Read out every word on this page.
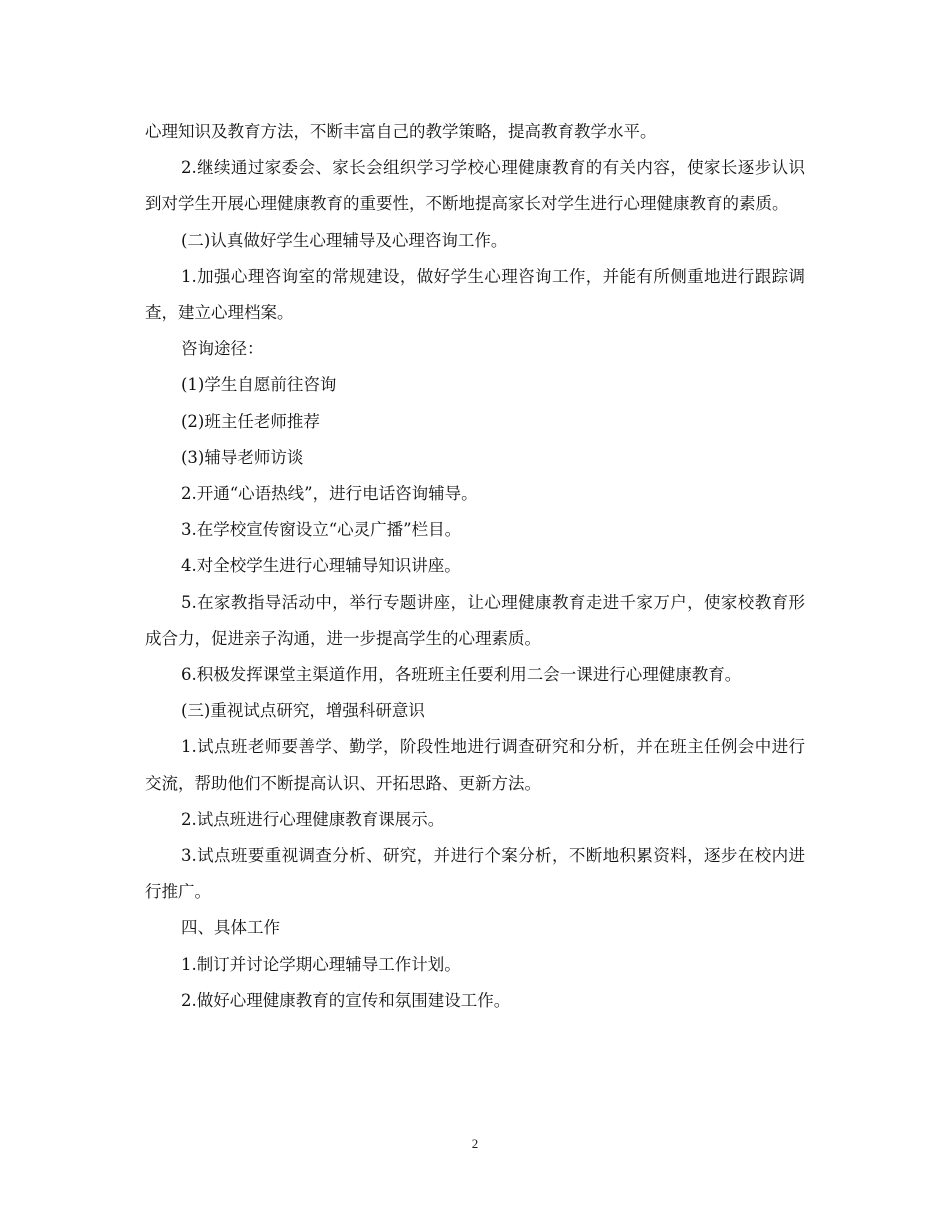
心理知识及教育方法，不断丰富自己的教学策略，提高教育教学水平。

2.继续通过家委会、家长会组织学习学校心理健康教育的有关内容，使家长逐步认识到对学生开展心理健康教育的重要性，不断地提高家长对学生进行心理健康教育的素质。

(二)认真做好学生心理辅导及心理咨询工作。

1.加强心理咨询室的常规建设，做好学生心理咨询工作，并能有所侧重地进行跟踪调查，建立心理档案。

咨询途径：

(1)学生自愿前往咨询

(2)班主任老师推荐

(3)辅导老师访谈

2.开通“心语热线”，进行电话咨询辅导。

3.在学校宣传窗设立“心灵广播”栏目。

4.对全校学生进行心理辅导知识讲座。

5.在家教指导活动中，举行专题讲座，让心理健康教育走进千家万户，使家校教育形成合力，促进亲子沟通，进一步提高学生的心理素质。

6.积极发挥课堂主渠道作用，各班班主任要利用二会一课进行心理健康教育。

(三)重视试点研究，增强科研意识

1.试点班老师要善学、勤学，阶段性地进行调查研究和分析，并在班主任例会中进行交流，帮助他们不断提高认识、开拓思路、更新方法。

2.试点班进行心理健康教育课展示。

3.试点班要重视调查分析、研究，并进行个案分析，不断地积累资料，逐步在校内进行推广。

四、具体工作

1.制订并讨论学期心理辅导工作计划。

2.做好心理健康教育的宣传和氛围建设工作。

2
